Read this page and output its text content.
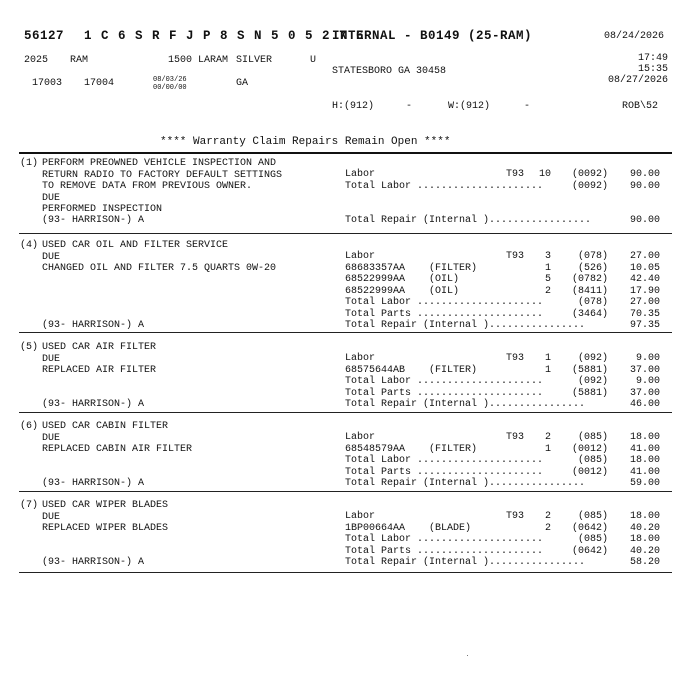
56127 1 C 6 S R F J P 8 S N 5 0 5 2 7 6
INTERNAL - B0149 (25-RAM)	08/24/2026
2025 RAM	1500 LARAM SILVER	U	17:49
STATESBORO GA 30458	15:35
08/27/2026
17003 17004	08/03/26
00/00/00	GA
H:(912)	-	W:(912)	-	ROB\52
**** Warranty Claim Repairs Remain Open ****
(1) PERFORM PREOWNED VEHICLE INSPECTION AND
RETURN RADIO TO FACTORY DEFAULT SETTINGS
TO REMOVE DATA FROM PREVIOUS OWNER.
DUE
PERFORMED INSPECTION
Labor	T93 10 (0092) 90.00
Total Labor .....................	(0092) 90.00
Total Repair (Internal ).................	90.00
(93- HARRISON-) A
(4) USED CAR OIL AND FILTER SERVICE
DUE
CHANGED OIL AND FILTER 7.5 QUARTS 0W-20
Labor	T93 3	(078) 27.00
68683357AA    (FILTER)	1	(526) 10.05
68522999AA    (OIL)	5 (0782) 42.40
68522999AA    (OIL)	2 (8411) 17.90
Total Labor .....................	(078) 27.00
Total Parts .....................	(3464) 70.35
Total Repair (Internal )................	97.35
(93- HARRISON-) A
(5) USED CAR AIR FILTER
DUE
REPLACED AIR FILTER
Labor	T93 1	(092)	9.00
68575644AB    (FILTER)	1 (5881) 37.00
Total Labor .....................	(092)	9.00
Total Parts .....................	(5881) 37.00
Total Repair (Internal )................	46.00
(93- HARRISON-) A
(6) USED CAR CABIN FILTER
DUE
REPLACED CABIN AIR FILTER
Labor	T93 2	(085) 18.00
68548579AA    (FILTER)	1 (0012) 41.00
Total Labor .....................	(085) 18.00
Total Parts .....................	(0012) 41.00
Total Repair (Internal )................	59.00
(93- HARRISON-) A
(7) USED CAR WIPER BLADES
DUE
REPLACED WIPER BLADES
Labor	T93 2	(085) 18.00
1BP00664AA    (BLADE)	2 (0642) 40.20
Total Labor .....................	(085) 18.00
Total Parts .....................	(0642) 40.20
Total Repair (Internal )................	58.20
(93- HARRISON-) A
